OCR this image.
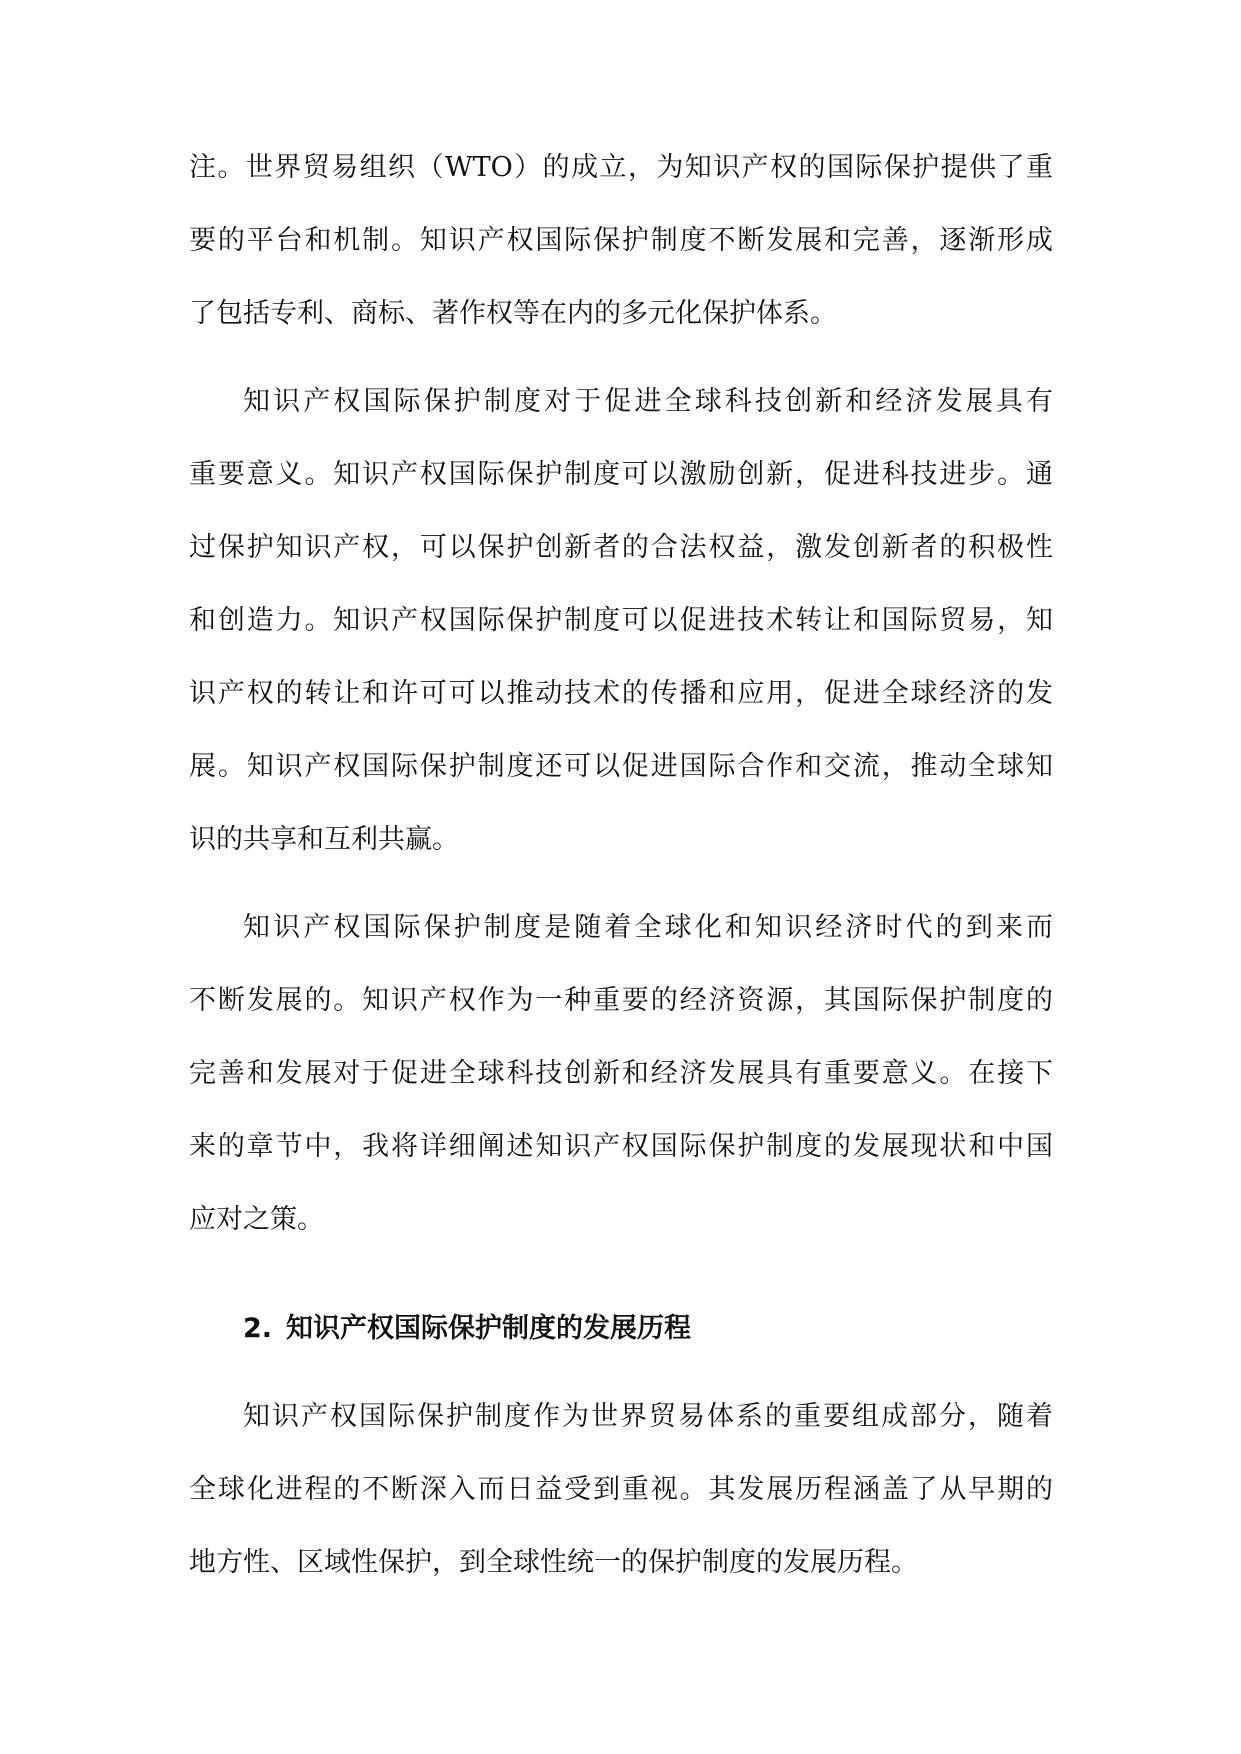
注。世界贸易组织（WTO）的成立，为知识产权的国际保护提供了重
要的平台和机制。知识产权国际保护制度不断发展和完善，逐渐形成
了包括专利、商标、著作权等在内的多元化保护体系。
知识产权国际保护制度对于促进全球科技创新和经济发展具有
重要意义。知识产权国际保护制度可以激励创新，促进科技进步。通
过保护知识产权，可以保护创新者的合法权益，激发创新者的积极性
和创造力。知识产权国际保护制度可以促进技术转让和国际贸易，知
识产权的转让和许可可以推动技术的传播和应用，促进全球经济的发
展。知识产权国际保护制度还可以促进国际合作和交流，推动全球知
识的共享和互利共赢。
知识产权国际保护制度是随着全球化和知识经济时代的到来而
不断发展的。知识产权作为一种重要的经济资源，其国际保护制度的
完善和发展对于促进全球科技创新和经济发展具有重要意义。在接下
来的章节中，我将详细阐述知识产权国际保护制度的发展现状和中国
应对之策。
2. 知识产权国际保护制度的发展历程
知识产权国际保护制度作为世界贸易体系的重要组成部分，随着
全球化进程的不断深入而日益受到重视。其发展历程涵盖了从早期的
地方性、区域性保护，到全球性统一的保护制度的发展历程。
